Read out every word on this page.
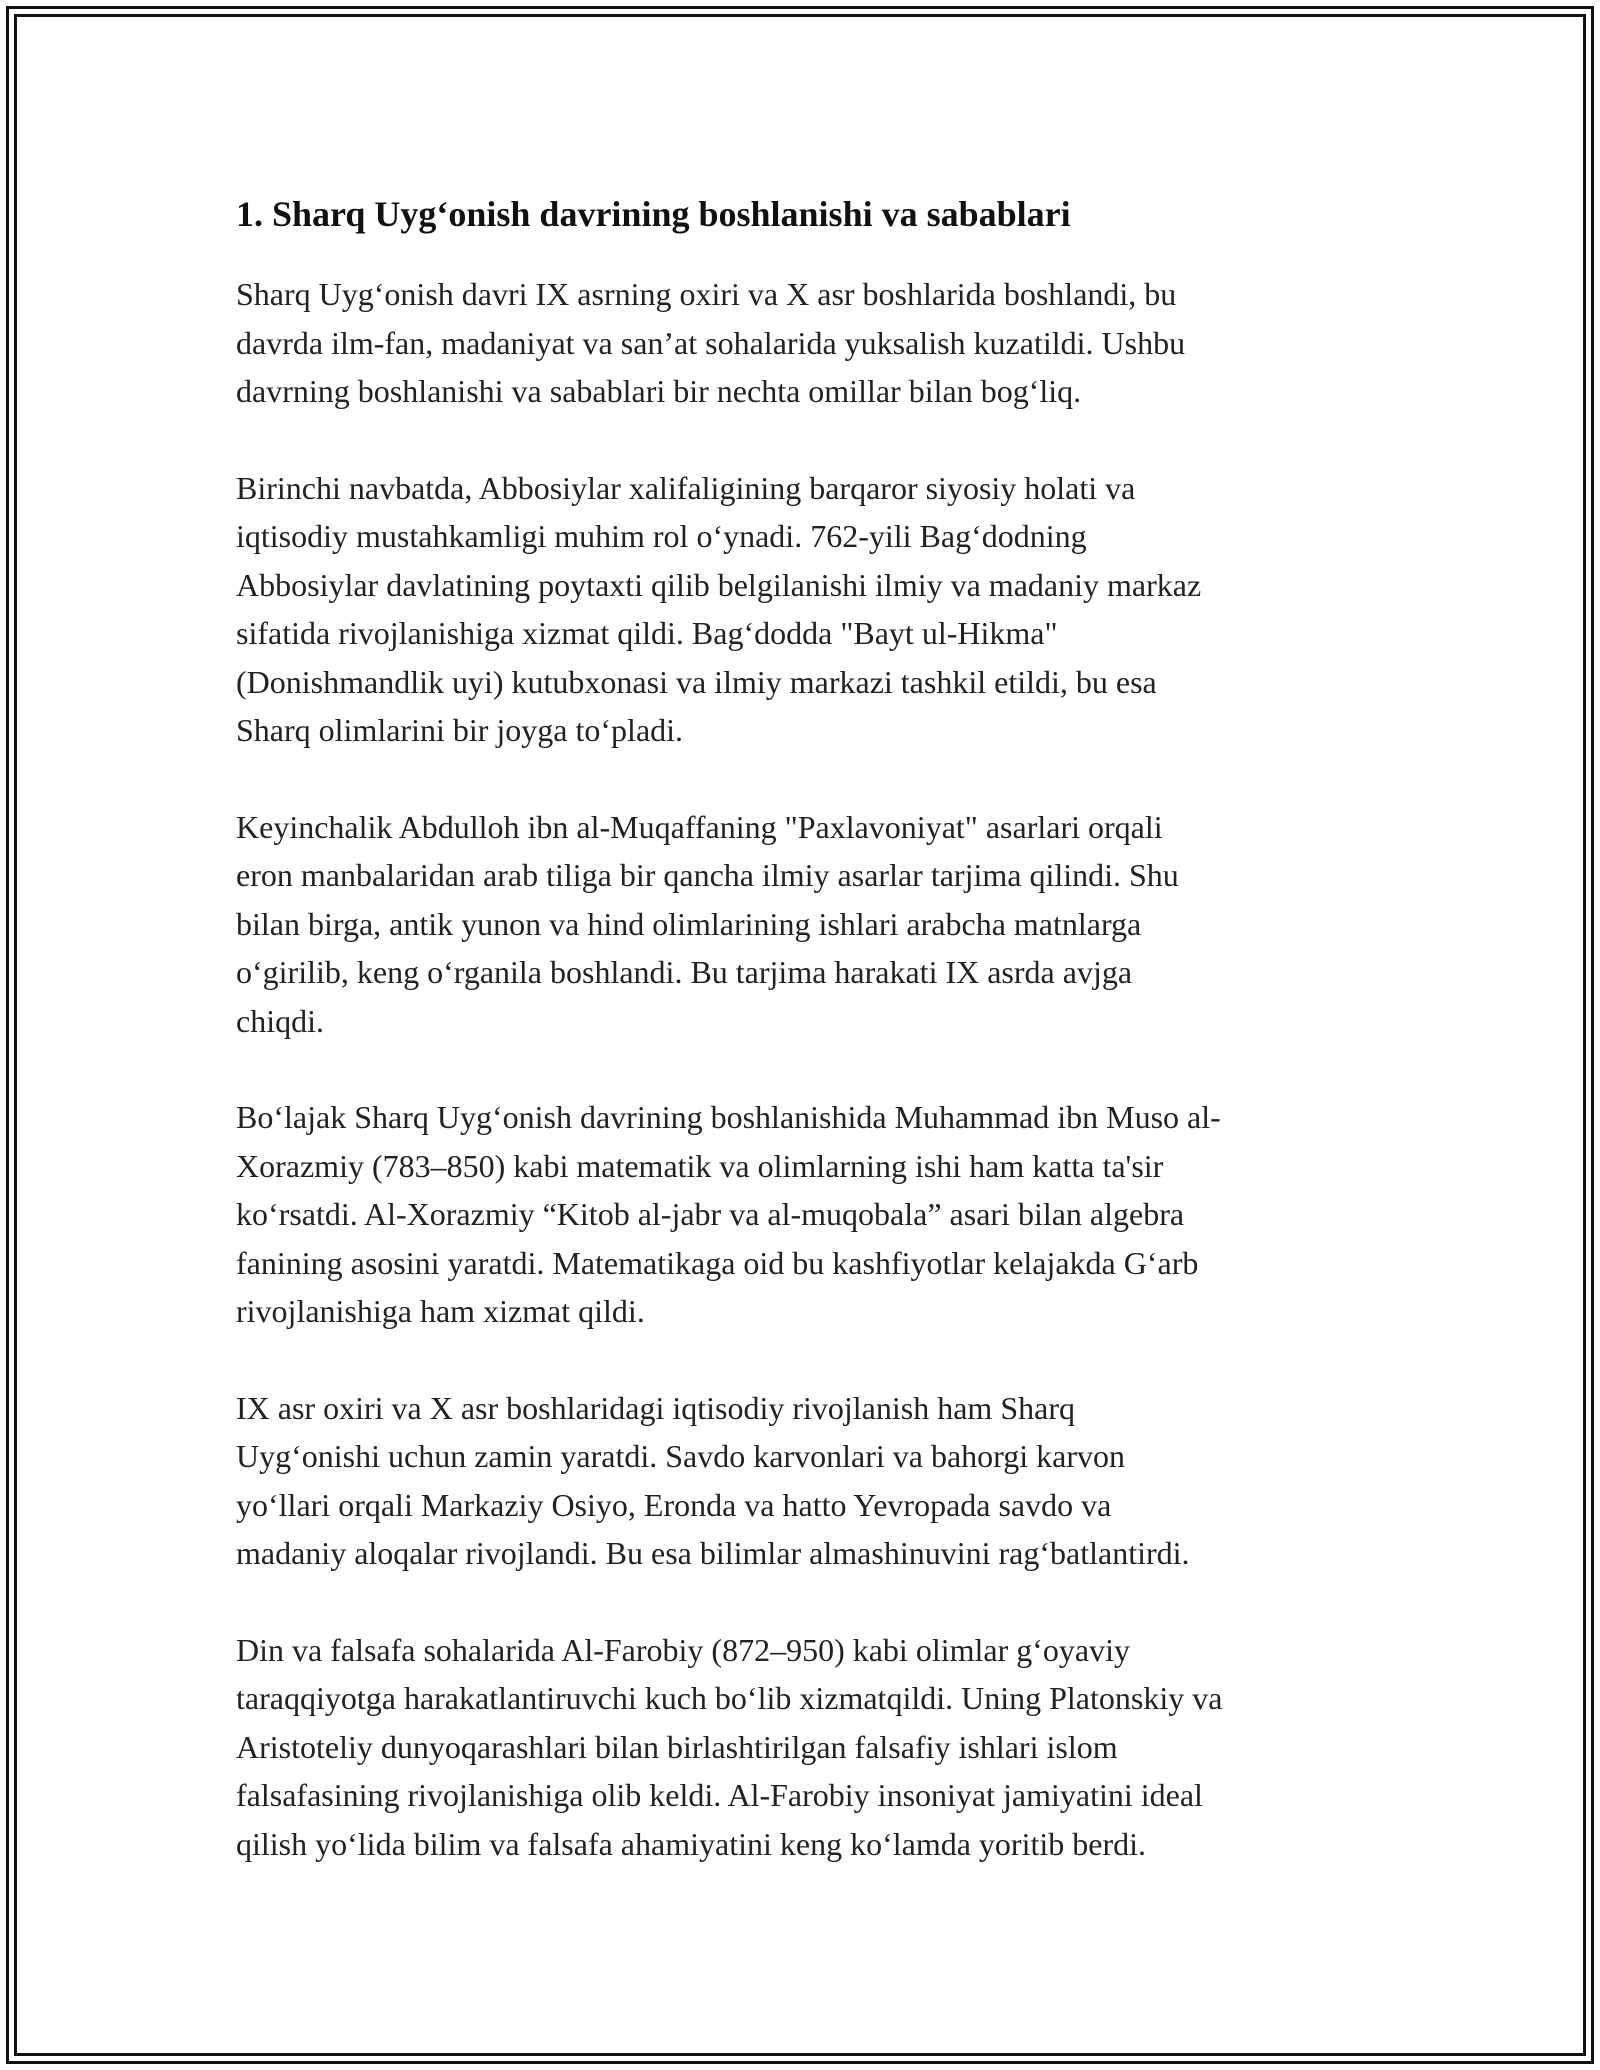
1. Sharq Uyg‘onish davrining boshlanishi va sabablari

Sharq Uyg‘onish davri IX asrning oxiri va X asr boshlarida boshlandi, bu
davrda ilm-fan, madaniyat va san’at sohalarida yuksalish kuzatildi. Ushbu
davrning boshlanishi va sabablari bir nechta omillar bilan bog‘liq.

Birinchi navbatda, Abbosiylar xalifaligining barqaror siyosiy holati va
iqtisodiy mustahkamligi muhim rol o‘ynadi. 762-yili Bag‘dodning
Abbosiylar davlatining poytaxti qilib belgilanishi ilmiy va madaniy markaz
sifatida rivojlanishiga xizmat qildi. Bag‘dodda "Bayt ul-Hikma"
(Donishmandlik uyi) kutubxonasi va ilmiy markazi tashkil etildi, bu esa
Sharq olimlarini bir joyga to‘pladi.

Keyinchalik Abdulloh ibn al-Muqaffaning "Paxlavoniyat" asarlari orqali
eron manbalaridan arab tiliga bir qancha ilmiy asarlar tarjima qilindi. Shu
bilan birga, antik yunon va hind olimlarining ishlari arabcha matnlarga
o‘girilib, keng o‘rganila boshlandi. Bu tarjima harakati IX asrda avjga
chiqdi.

Bo‘lajak Sharq Uyg‘onish davrining boshlanishida Muhammad ibn Muso al-
Xorazmiy (783–850) kabi matematik va olimlarning ishi ham katta ta'sir
ko‘rsatdi. Al-Xorazmiy “Kitob al-jabr va al-muqobala” asari bilan algebra
fanining asosini yaratdi. Matematikaga oid bu kashfiyotlar kelajakda G‘arb
rivojlanishiga ham xizmat qildi.

IX asr oxiri va X asr boshlaridagi iqtisodiy rivojlanish ham Sharq
Uyg‘onishi uchun zamin yaratdi. Savdo karvonlari va bahorgi karvon
yo‘llari orqali Markaziy Osiyo, Eronda va hatto Yevropada savdo va
madaniy aloqalar rivojlandi. Bu esa bilimlar almashinuvini rag‘batlantirdi.

Din va falsafa sohalarida Al-Farobiy (872–950) kabi olimlar g‘oyaviy
taraqqiyotga harakatlantiruvchi kuch bo‘lib xizmatqildi. Uning Platonskiy va
Aristoteliy dunyoqarashlari bilan birlashtirilgan falsafiy ishlari islom
falsafasining rivojlanishiga olib keldi. Al-Farobiy insoniyat jamiyatini ideal
qilish yo‘lida bilim va falsafa ahamiyatini keng ko‘lamda yoritib berdi.
